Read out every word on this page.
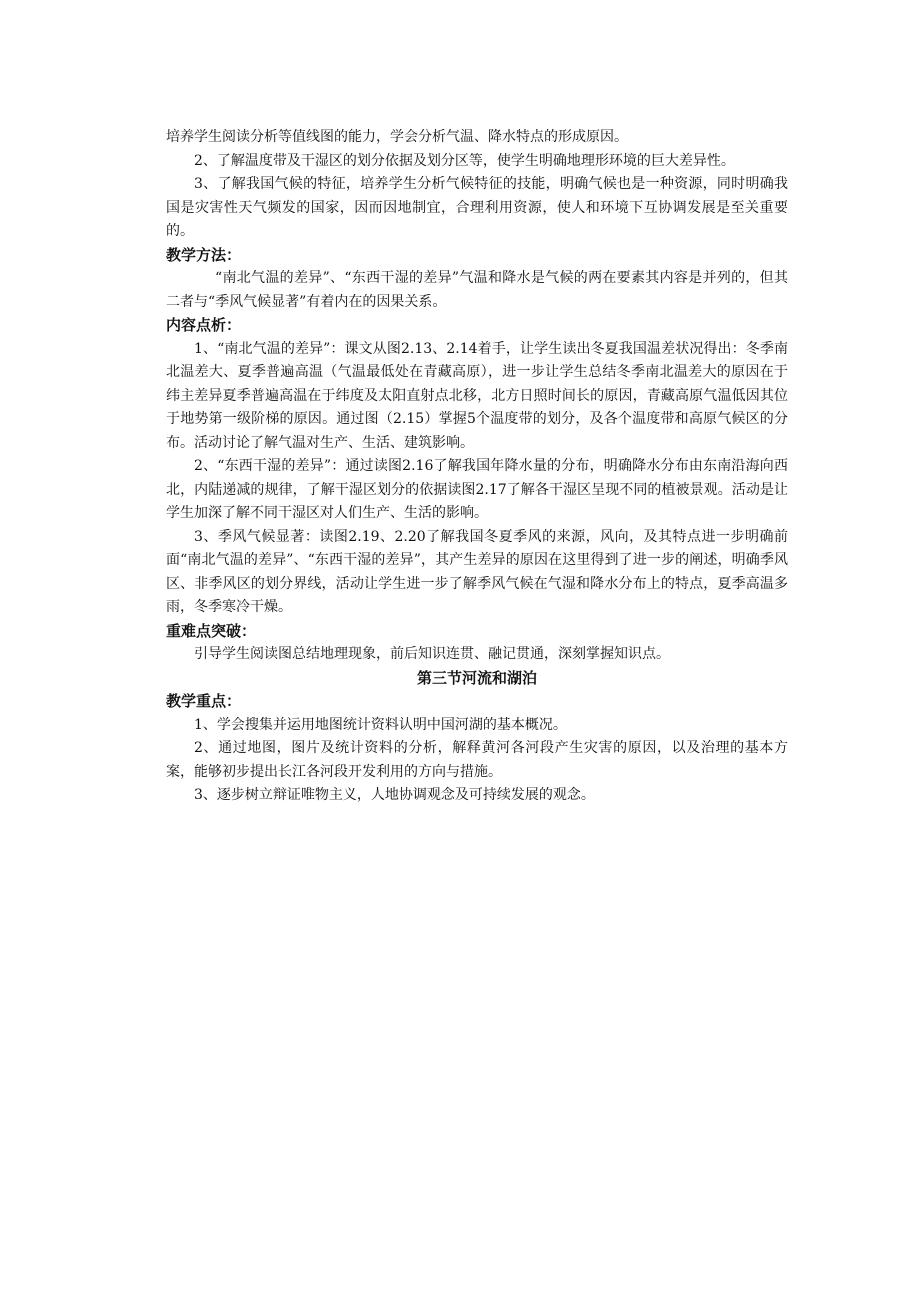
培养学生阅读分析等值线图的能力，学会分析气温、降水特点的形成原因。

2、了解温度带及干湿区的划分依据及划分区等，使学生明确地理形环境的巨大差异性。

3、了解我国气候的特征，培养学生分析气候特征的技能，明确气候也是一种资源，同时明确我国是灾害性天气频发的国家，因而因地制宜，合理利用资源，使人和环境下互协调发展是至关重要的。

教学方法：

“南北气温的差异”、“东西干湿的差异”气温和降水是气候的两在要素其内容是并列的，但其二者与“季风气候显著”有着内在的因果关系。

内容点析：

1、“南北气温的差异”：课文从图2.13、2.14着手，让学生读出冬夏我国温差状况得出：冬季南北温差大、夏季普遍高温（气温最低处在青藏高原），进一步让学生总结冬季南北温差大的原因在于纬主差异夏季普遍高温在于纬度及太阳直射点北移，北方日照时间长的原因，青藏高原气温低因其位于地势第一级阶梯的原因。通过图（2.15）掌握5个温度带的划分，及各个温度带和高原气候区的分布。活动讨论了解气温对生产、生活、建筑影响。

2、“东西干湿的差异”：通过读图2.16了解我国年降水量的分布，明确降水分布由东南沿海向西北，内陆递减的规律，了解干湿区划分的依据读图2.17了解各干湿区呈现不同的植被景观。活动是让学生加深了解不同干湿区对人们生产、生活的影响。

3、季风气候显著：读图2.19、2.20了解我国冬夏季风的来源，风向，及其特点进一步明确前面“南北气温的差异”、“东西干湿的差异”，其产生差异的原因在这里得到了进一步的阐述，明确季风区、非季风区的划分界线，活动让学生进一步了解季风气候在气湿和降水分布上的特点，夏季高温多雨，冬季寒冷干燥。

重难点突破：

引导学生阅读图总结地理现象，前后知识连贯、融记贯通，深刻掌握知识点。

第三节河流和湖泊

教学重点：

1、学会搜集并运用地图统计资料认明中国河湖的基本概况。

2、通过地图，图片及统计资料的分析，解释黄河各河段产生灾害的原因，以及治理的基本方案，能够初步提出长江各河段开发利用的方向与措施。

3、逐步树立辩证唯物主义，人地协调观念及可持续发展的观念。
